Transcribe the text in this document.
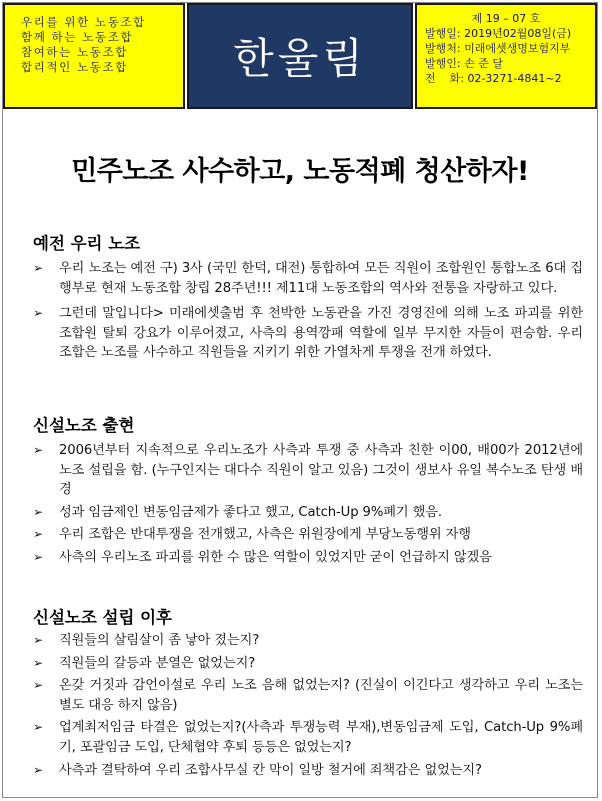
우리를 위한 노동조합
함께 하는 노동조합
참여하는 노동조합
합리적인 노동조합	한울림
제 19 – 07 호
발행일: 2019년02월08일(금)
발행처: 미래에셋생명보험지부
발행인: 손 준 달
전    화: 02-3271-4841~2
민주노조 사수하고, 노동적폐 청산하자!
예전 우리 노조
➢ 우리 노조는 예전 구) 3사 (국민 한덕, 대전) 통합하여 모든 직원이 조합원인 통합노조 6대 집행부로 현재 노동조합 창립 28주년!!! 제11대 노동조합의 역사와 전통을 자랑하고 있다.
➢ 그런데 말입니다> 미래에셋출범 후 천박한 노동관을 가진 경영진에 의해 노조 파괴를 위한 조합원 탈퇴 강요가 이루어졌고, 사측의 용역깡패 역할에 일부 무지한 자들이 편승함. 우리 조합은 노조를 사수하고 직원들을 지키기 위한 가열차게 투쟁을 전개 하였다.
신설노조 출현
➢ 2006년부터 지속적으로 우리노조가 사측과 투쟁 중 사측과 친한 이00, 배00가 2012년에 노조 설립을 함. (누구인지는 대다수 직원이 알고 있음) 그것이 생보사 유일 복수노조 탄생 배경
➢ 성과 임금제인 변동임금제가 좋다고 했고, Catch-Up 9%폐기 했음.
➢ 우리 조합은 반대투쟁을 전개했고, 사측은 위원장에게 부당노동행위 자행
➢ 사측의 우리노조 파괴를 위한 수 많은 역할이 있었지만 굳이 언급하지 않겠음
신설노조 설립 이후
➢ 직원들의 살림살이 좀 낳아 졌는지?
➢ 직원들의 갈등과 분열은 없었는지?
➢ 온갖 거짓과 감언이설로 우리 노조 음해 없었는지? (진실이 이긴다고 생각하고 우리 노조는 별도 대응 하지 않음)
➢ 업계최저임금 타결은 없었는지?(사측과 투쟁능력 부재),변동임금제 도입, Catch-Up 9%폐기, 포괄임금 도입, 단체협약 후퇴 등등은 없었는지?
➢ 사측과 결탁하여 우리 조합사무실 칸 막이 일방 철거에 죄책감은 없었는지?
